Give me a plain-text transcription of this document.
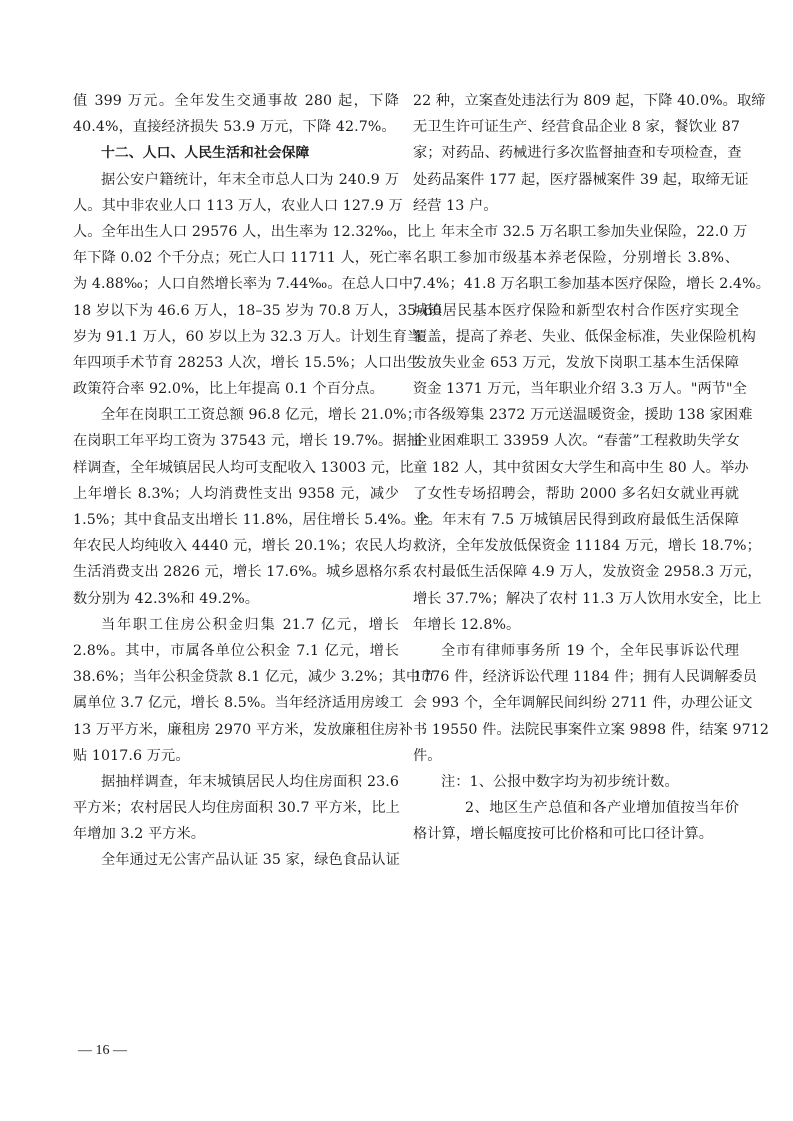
值 399 万元。全年发生交通事故 280 起，下降
40.4%，直接经济损失 53.9 万元，下降 42.7%。
十二、人口、人民生活和社会保障
据公安户籍统计，年末全市总人口为 240.9 万
人。其中非农业人口 113 万人，农业人口 127.9 万
人。全年出生人口 29576 人，出生率为 12.32‰，比上
年下降 0.02 个千分点；死亡人口 11711 人，死亡率
为 4.88‰；人口自然增长率为 7.44‰。在总人口中，
18 岁以下为 46.6 万人，18–35 岁为 70.8 万人，35–60
岁为 91.1 万人，60 岁以上为 32.3 万人。计划生育当
年四项手术节育 28253 人次，增长 15.5%；人口出生
政策符合率 92.0%，比上年提高 0.1 个百分点。
全年在岗职工工资总额 96.8 亿元，增长 21.0%；
在岗职工年平均工资为 37543 元，增长 19.7%。据抽
样调查，全年城镇居民人均可支配收入 13003 元，比
上年增长 8.3%；人均消费性支出 9358 元，减少
1.5%；其中食品支出增长 11.8%，居住增长 5.4%。全
年农民人均纯收入 4440 元，增长 20.1%；农民人均
生活消费支出 2826 元，增长 17.6%。城乡恩格尔系
数分别为 42.3%和 49.2%。
当年职工住房公积金归集 21.7 亿元，增长
2.8%。其中，市属各单位公积金 7.1 亿元，增长
38.6%；当年公积金贷款 8.1 亿元，减少 3.2%；其中市
属单位 3.7 亿元，增长 8.5%。当年经济适用房竣工
13 万平方米，廉租房 2970 平方米，发放廉租住房补
贴 1017.6 万元。
据抽样调查，年末城镇居民人均住房面积 23.6
平方米；农村居民人均住房面积 30.7 平方米，比上
年增加 3.2 平方米。
全年通过无公害产品认证 35 家，绿色食品认证
22 种，立案查处违法行为 809 起，下降 40.0%。取缔
无卫生许可证生产、经营食品企业 8 家，餐饮业 87
家；对药品、药械进行多次监督抽查和专项检查，查
处药品案件 177 起，医疗器械案件 39 起，取缔无证
经营 13 户。
年末全市 32.5 万名职工参加失业保险，22.0 万
名职工参加市级基本养老保险，分别增长 3.8%、
7.4%；41.8 万名职工参加基本医疗保险，增长 2.4%。
城镇居民基本医疗保险和新型农村合作医疗实现全
覆盖，提高了养老、失业、低保金标准，失业保险机构
发放失业金 653 万元，发放下岗职工基本生活保障
资金 1371 万元，当年职业介绍 3.3 万人。"两节"全
市各级筹集 2372 万元送温暖资金，援助 138 家困难
企业困难职工 33959 人次。“春蕾”工程救助失学女
童 182 人，其中贫困女大学生和高中生 80 人。举办
了女性专场招聘会，帮助 2000 多名妇女就业再就
业。年末有 7.5 万城镇居民得到政府最低生活保障
救济，全年发放低保资金 11184 万元，增长 18.7%；
农村最低生活保障 4.9 万人，发放资金 2958.3 万元，
增长 37.7%；解决了农村 11.3 万人饮用水安全，比上
年增长 12.8%。
全市有律师事务所 19 个，全年民事诉讼代理
1776 件，经济诉讼代理 1184 件；拥有人民调解委员
会 993 个，全年调解民间纠纷 2711 件，办理公证文
书 19550 件。法院民事案件立案 9898 件，结案 9712
件。
注：1、公报中数字均为初步统计数。
2、地区生产总值和各产业增加值按当年价
格计算，增长幅度按可比价格和可比口径计算。
— 16 —
